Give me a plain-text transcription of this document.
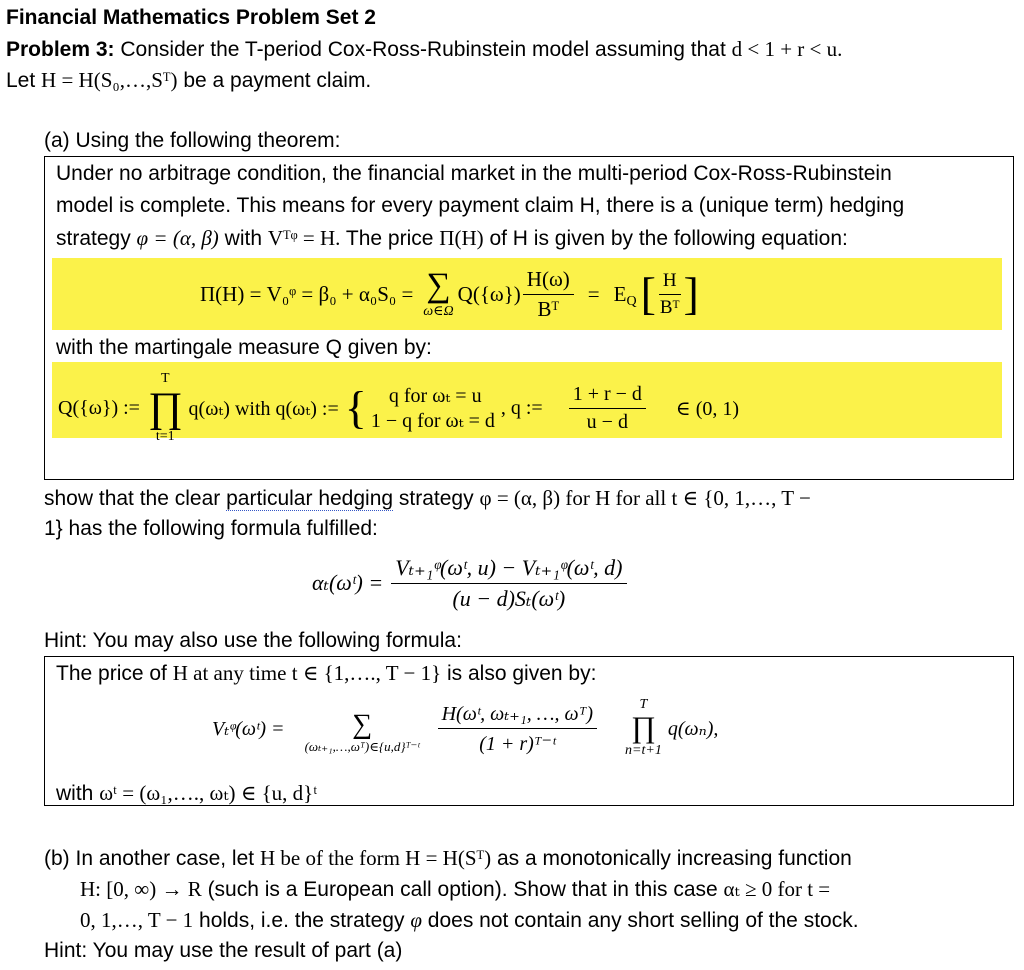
Financial Mathematics Problem Set 2
Problem 3: Consider the T-period Cox-Ross-Rubinstein model assuming that d < 1 + r < u.
Let H = H(S₀,…,Sᵀ) be a payment claim.
(a) Using the following theorem:
Under no arbitrage condition, the financial market in the multi-period Cox-Ross-Rubinstein
model is complete. This means for every payment claim H, there is a (unique term) hedging
strategy φ = (α, β) with Vᵀᵠ = H. The price Π(H) of H is given by the following equation:
Π(H) = V₀ᵠ = β₀ + α₀S₀ = ∑
ω∈Ω
$Q(\{\omega\}) \frac{H(\omega)}{\text{Bᵀ}} = E$ Q [ $\frac{H}{\text{Bᵀ}}$ ]
with the martingale measure Q given by:
Q({ω}) :=
T
∏
t=1
q(ωₜ) with q(ωₜ) := { q for ωₜ = u
1 − q for ωₜ = d
, q := $\frac{1 + r - d}{u - d}$ ∈ (0, 1)
show that the clear particular hedging strategy φ = (α, β) for H for all t ∈ {0, 1,…, T −
1} has the following formula fulfilled:
αₜ(ωᵗ) = $\frac{\text{Vₜ₊₁ᵠ(ωᵗ, u) − Vₜ₊₁ᵠ(ωᵗ, d)}}{\text{(u − d)Sₜ(ωᵗ)}}$
Hint: You may also use the following formula:
The price of H at any time t ∈ {1,…., T − 1} is also given by:
Vₜᵠ(ωᵗ) = ∑
(ωₜ₊₁,…,ωᵀ)∈{u,d}ᵀ⁻ᵗ $\frac{\text{H(ωᵗ, ωₜ₊₁, …, ωᵀ)}}{\text{(1 + r)ᵀ⁻ᵗ}}$	T
∏
n=t+1
q(ωₙ),
with ωᵗ = (ω₁,…., ωₜ) ∈ {u, d}ᵗ
(b) In another case, let H be of the form H = H(Sᵀ) as a monotonically increasing function
H: [0, ∞) → R (such is a European call option). Show that in this case αₜ ≥ 0 for t =
0, 1,…, T − 1 holds, i.e. the strategy φ does not contain any short selling of the stock.
Hint: You may use the result of part (a)
